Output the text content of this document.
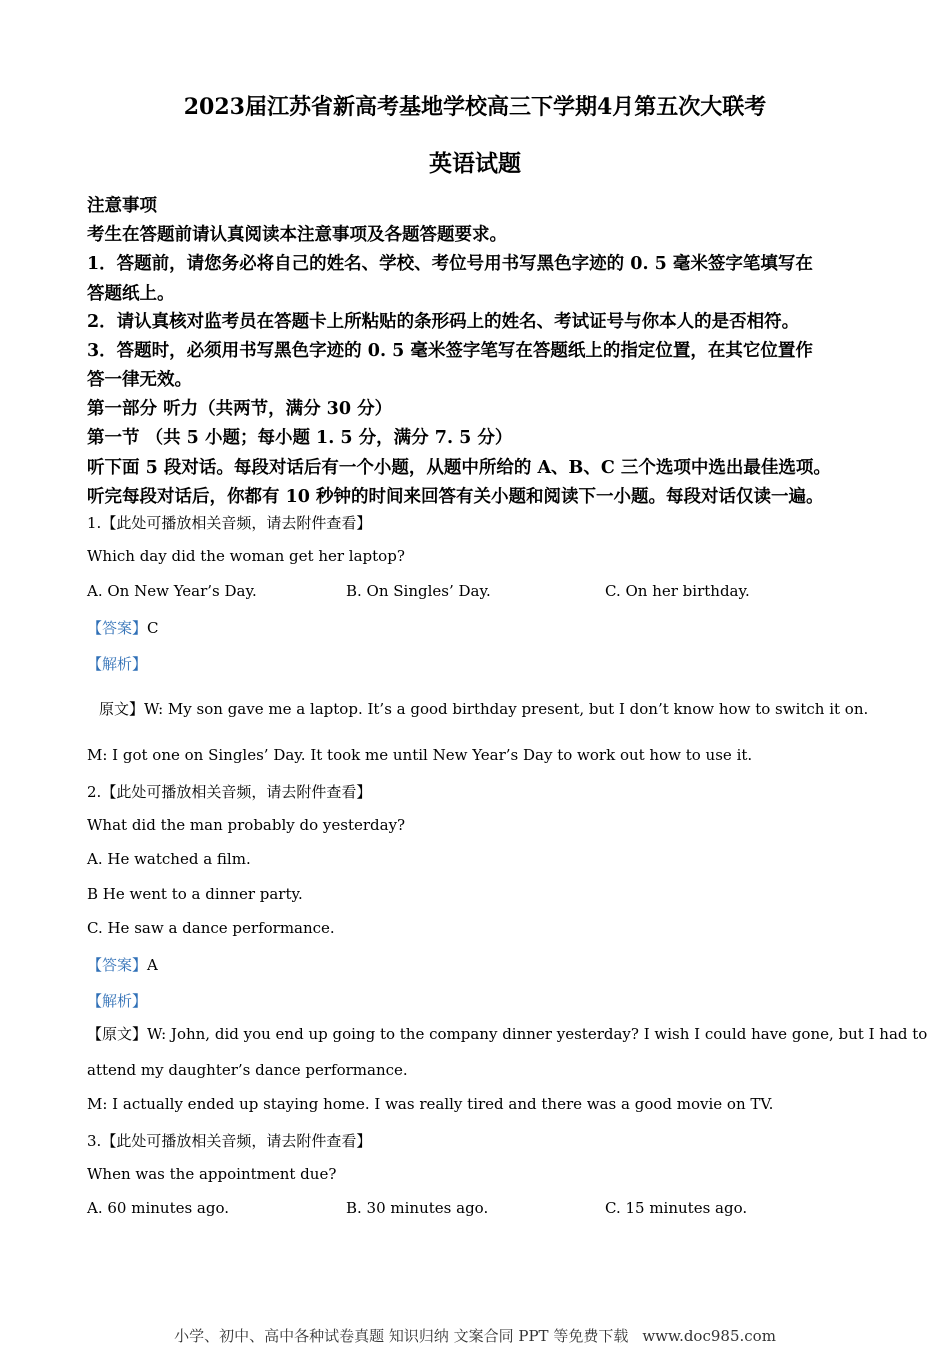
2023届江苏省新高考基地学校高三下学期4月第五次大联考
英语试题
注意事项
考生在答题前请认真阅读本注意事项及各题答题要求。
1．答题前，请您务必将自己的姓名、学校、考位号用书写黑色字迹的 0. 5 毫米签字笔填写在
答题纸上。
2．请认真核对监考员在答题卡上所粘贴的条形码上的姓名、考试证号与你本人的是否相符。
3．答题时，必须用书写黑色字迹的 0. 5 毫米签字笔写在答题纸上的指定位置，在其它位置作
答一律无效。
第一部分 听力（共两节，满分 30 分）
第一节 （共 5 小题；每小题 1. 5 分，满分 7. 5 分）
听下面 5 段对话。每段对话后有一个小题，从题中所给的 A、B、C 三个选项中选出最佳选项。
听完每段对话后，你都有 10 秒钟的时间来回答有关小题和阅读下一小题。每段对话仅读一遍。
1.【此处可播放相关音频，请去附件查看】
Which day did the woman get her laptop?
A. On New Year’s Day.	B. On Singles’ Day.	C. On her birthday.
【答案】C
【解析】
原文】W: My son gave me a laptop. It’s a good birthday present, but I don’t know how to switch it on.
M: I got one on Singles’ Day. It took me until New Year’s Day to work out how to use it.
2.【此处可播放相关音频，请去附件查看】
What did the man probably do yesterday?
A. He watched a film.
B He went to a dinner party.
C. He saw a dance performance.
【答案】A
【解析】
【原文】W: John, did you end up going to the company dinner yesterday? I wish I could have gone, but I had to
attend my daughter’s dance performance.
M: I actually ended up staying home. I was really tired and there was a good movie on TV.
3.【此处可播放相关音频，请去附件查看】
When was the appointment due?
A. 60 minutes ago.	B. 30 minutes ago.	C. 15 minutes ago.
小学、初中、高中各种试卷真题 知识归纳 文案合同 PPT 等免费下载 www.doc985.com
